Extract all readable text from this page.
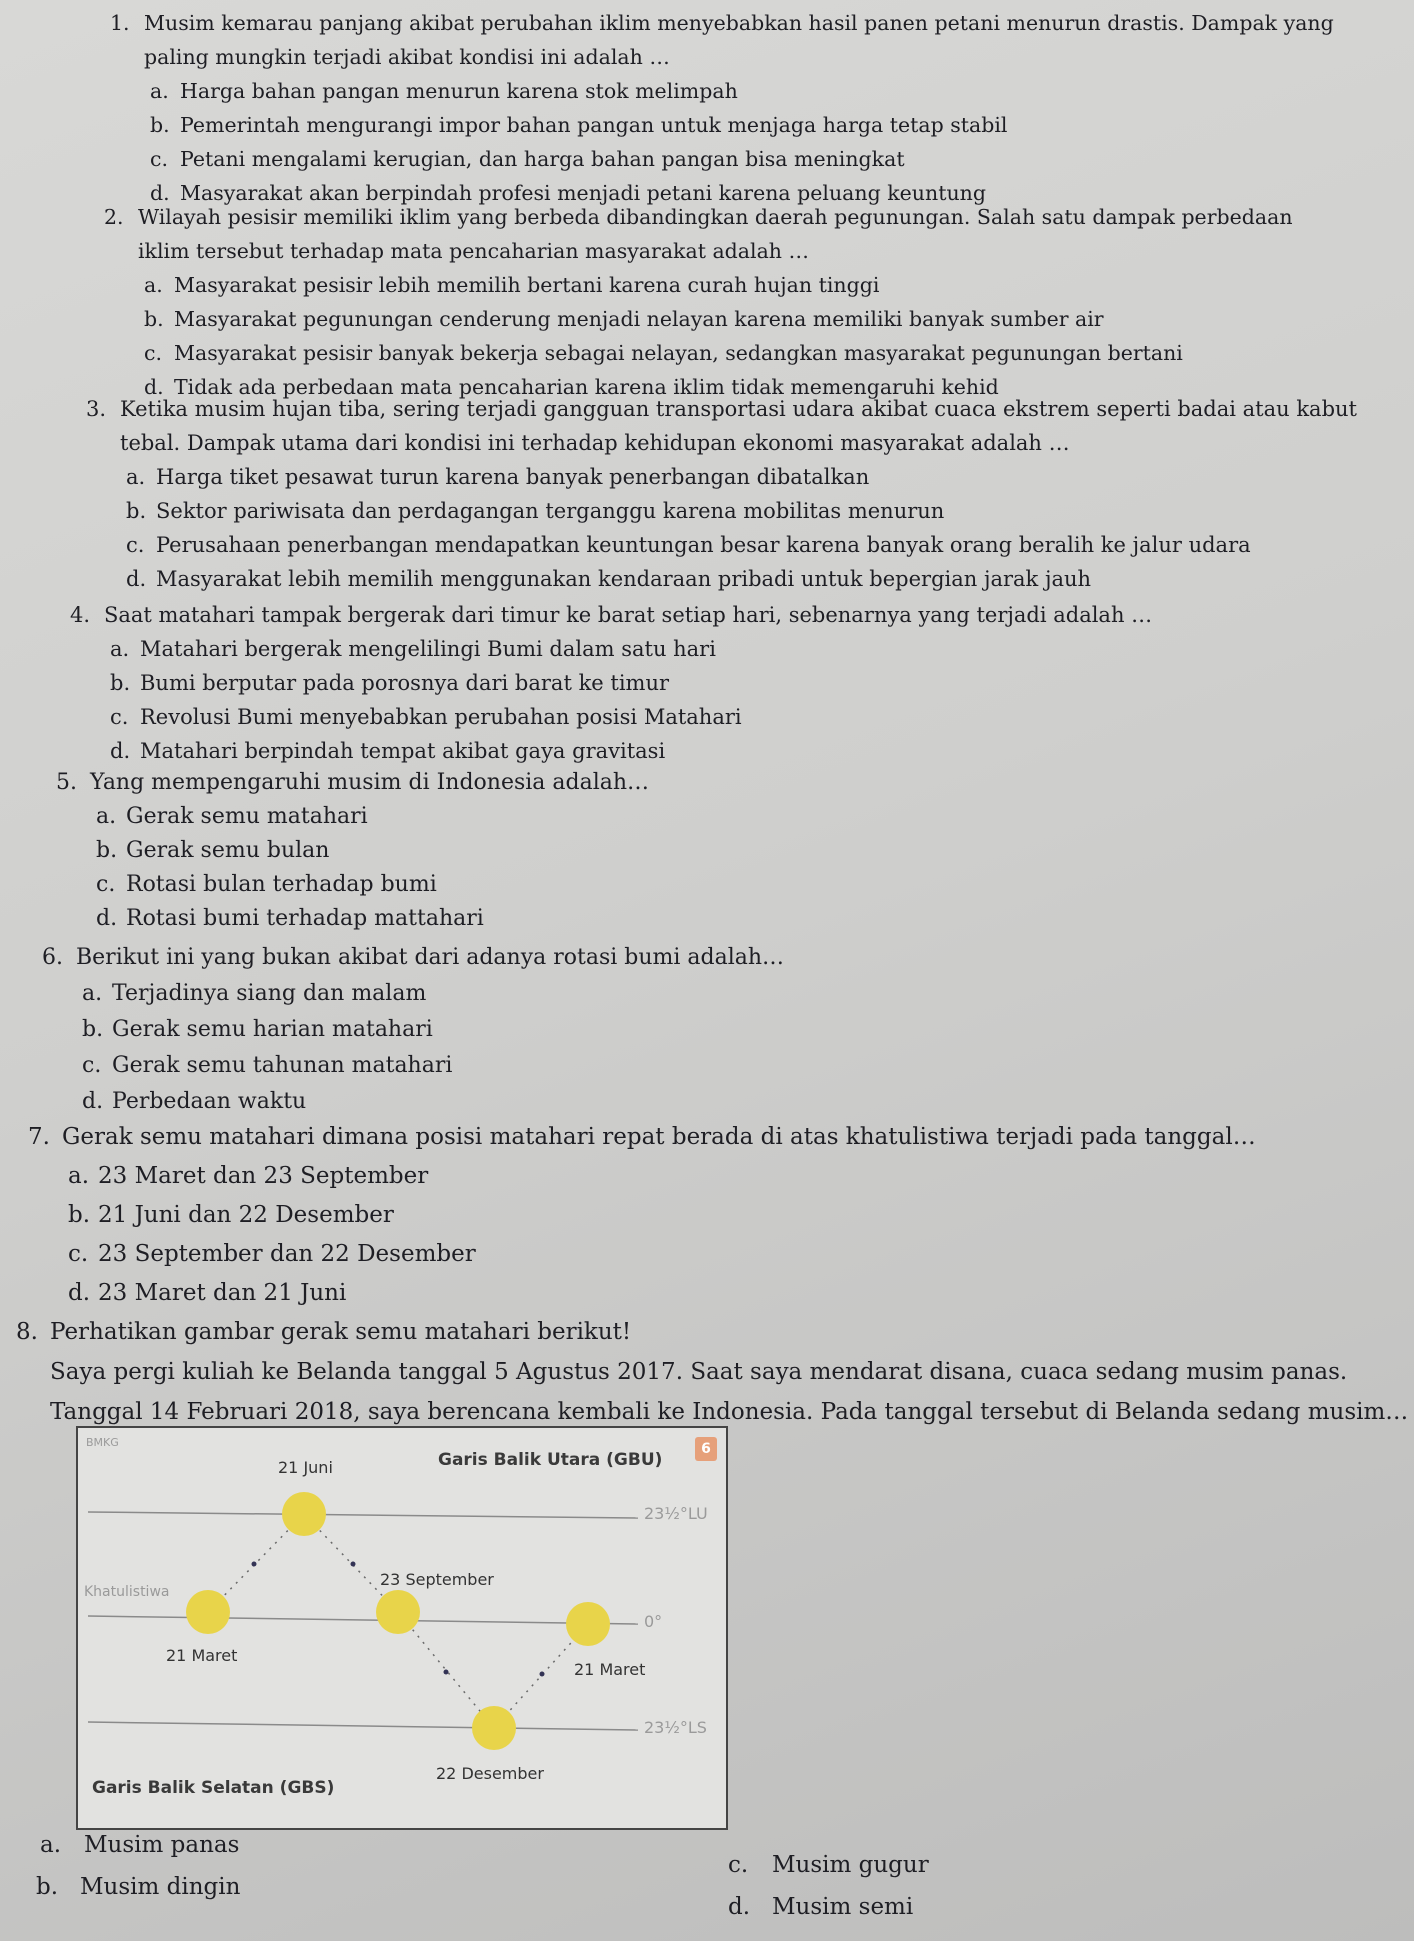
1. Musim kemarau panjang akibat perubahan iklim menyebabkan hasil panen petani menurun drastis. Dampak yang
paling mungkin terjadi akibat kondisi ini adalah …
a. Harga bahan pangan menurun karena stok melimpah
b. Pemerintah mengurangi impor bahan pangan untuk menjaga harga tetap stabil
c. Petani mengalami kerugian, dan harga bahan pangan bisa meningkat
d. Masyarakat akan berpindah profesi menjadi petani karena peluang keuntung
2. Wilayah pesisir memiliki iklim yang berbeda dibandingkan daerah pegunungan. Salah satu dampak perbedaan
iklim tersebut terhadap mata pencaharian masyarakat adalah …
a. Masyarakat pesisir lebih memilih bertani karena curah hujan tinggi
b. Masyarakat pegunungan cenderung menjadi nelayan karena memiliki banyak sumber air
c. Masyarakat pesisir banyak bekerja sebagai nelayan, sedangkan masyarakat pegunungan bertani
d. Tidak ada perbedaan mata pencaharian karena iklim tidak memengaruhi kehid
3. Ketika musim hujan tiba, sering terjadi gangguan transportasi udara akibat cuaca ekstrem seperti badai atau kabut
tebal. Dampak utama dari kondisi ini terhadap kehidupan ekonomi masyarakat adalah …
a. Harga tiket pesawat turun karena banyak penerbangan dibatalkan
b. Sektor pariwisata dan perdagangan terganggu karena mobilitas menurun
c. Perusahaan penerbangan mendapatkan keuntungan besar karena banyak orang beralih ke jalur udara
d. Masyarakat lebih memilih menggunakan kendaraan pribadi untuk bepergian jarak jauh
4. Saat matahari tampak bergerak dari timur ke barat setiap hari, sebenarnya yang terjadi adalah …
a. Matahari bergerak mengelilingi Bumi dalam satu hari
b. Bumi berputar pada porosnya dari barat ke timur
c. Revolusi Bumi menyebabkan perubahan posisi Matahari
d. Matahari berpindah tempat akibat gaya gravitasi
5. Yang mempengaruhi musim di Indonesia adalah…
a. Gerak semu matahari
b. Gerak semu bulan
c. Rotasi bulan terhadap bumi
d. Rotasi bumi terhadap mattahari
6. Berikut ini yang bukan akibat dari adanya rotasi bumi adalah…
a. Terjadinya siang dan malam
b. Gerak semu harian matahari
c. Gerak semu tahunan matahari
d. Perbedaan waktu
7. Gerak semu matahari dimana posisi matahari repat berada di atas khatulistiwa terjadi pada tanggal…
a. 23 Maret dan 23 September
b. 21 Juni dan 22 Desember
c. 23 September dan 22 Desember
d. 23 Maret dan 21 Juni
8. Perhatikan gambar gerak semu matahari berikut!
Saya pergi kuliah ke Belanda tanggal 5 Agustus 2017. Saat saya mendarat disana, cuaca sedang musim panas.
Tanggal 14 Februari 2018, saya berencana kembali ke Indonesia. Pada tanggal tersebut di Belanda sedang musim…
BMKG
21 Juni	Garis Balik Utara (GBU)
23½°LU
23 September
Khatulistiwa
0°
21 Maret
21 Maret
23½°LS
22 Desember
Garis Balik Selatan (GBS)
6
a. Musim panas
b. Musim dingin
c. Musim gugur
d. Musim semi
